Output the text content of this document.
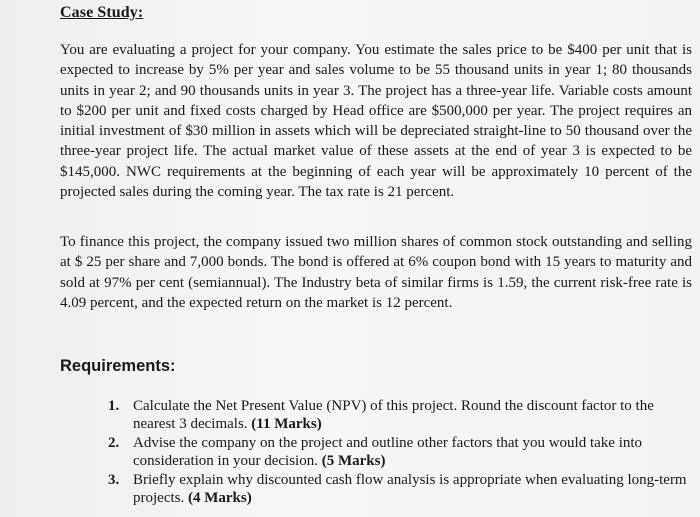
Case Study:

You are evaluating a project for your company. You estimate the sales price to be $400 per unit that is expected to increase by 5% per year and sales volume to be 55 thousand units in year 1; 80 thousands units in year 2; and 90 thousands units in year 3. The project has a three-year life. Variable costs amount to $200 per unit and fixed costs charged by Head office are $500,000 per year. The project requires an initial investment of $30 million in assets which will be depreciated straight-line to 50 thousand over the three-year project life. The actual market value of these assets at the end of year 3 is expected to be $145,000. NWC requirements at the beginning of each year will be approximately 10 percent of the projected sales during the coming year. The tax rate is 21 percent.

To finance this project, the company issued two million shares of common stock outstanding and selling at $ 25 per share and 7,000 bonds. The bond is offered at 6% coupon bond with 15 years to maturity and sold at 97% per cent (semiannual). The Industry beta of similar firms is 1.59, the current risk-free rate is 4.09 percent, and the expected return on the market is 12 percent.

Requirements:
1. Calculate the Net Present Value (NPV) of this project. Round the discount factor to the nearest 3 decimals. (11 Marks)
2. Advise the company on the project and outline other factors that you would take into consideration in your decision. (5 Marks)
3. Briefly explain why discounted cash flow analysis is appropriate when evaluating long-term projects. (4 Marks)
